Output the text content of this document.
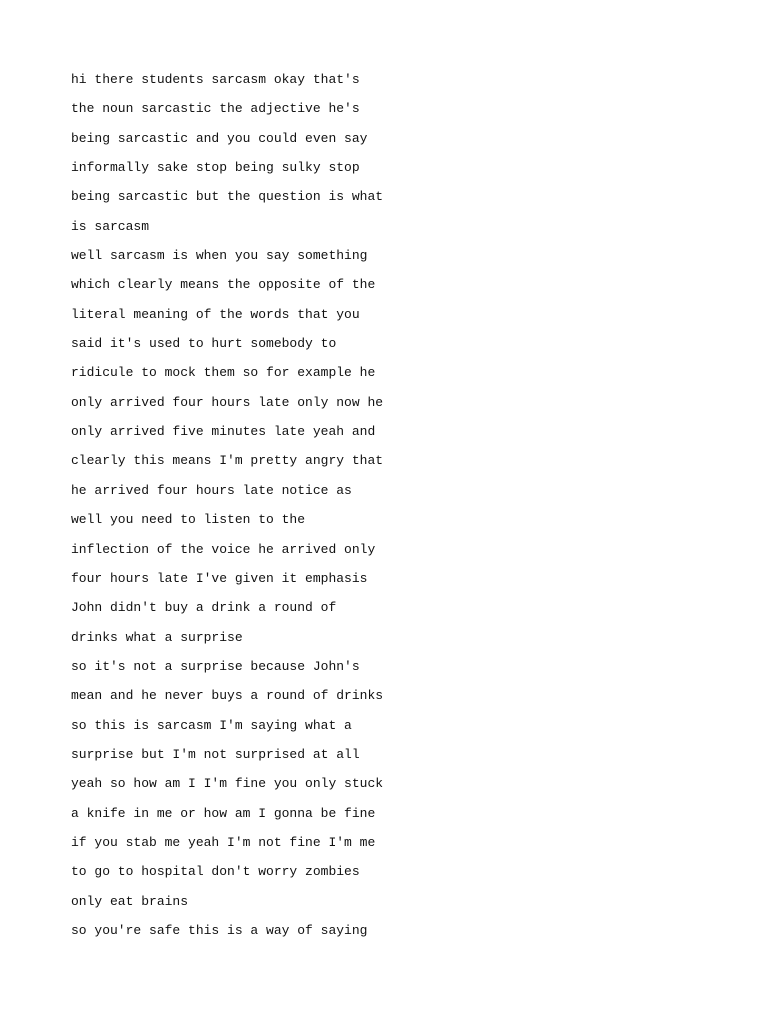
hi there students sarcasm okay that's
the noun sarcastic the adjective he's
being sarcastic and you could even say
informally sake stop being sulky stop
being sarcastic but the question is what
is sarcasm
well sarcasm is when you say something
which clearly means the opposite of the
literal meaning of the words that you
said it's used to hurt somebody to
ridicule to mock them so for example he
only arrived four hours late only now he
only arrived five minutes late yeah and
clearly this means I'm pretty angry that
he arrived four hours late notice as
well you need to listen to the
inflection of the voice he arrived only
four hours late I've given it emphasis
John didn't buy a drink a round of
drinks what a surprise
so it's not a surprise because John's
mean and he never buys a round of drinks
so this is sarcasm I'm saying what a
surprise but I'm not surprised at all
yeah so how am I I'm fine you only stuck
a knife in me or how am I gonna be fine
if you stab me yeah I'm not fine I'm me
to go to hospital don't worry zombies
only eat brains
so you're safe this is a way of saying
